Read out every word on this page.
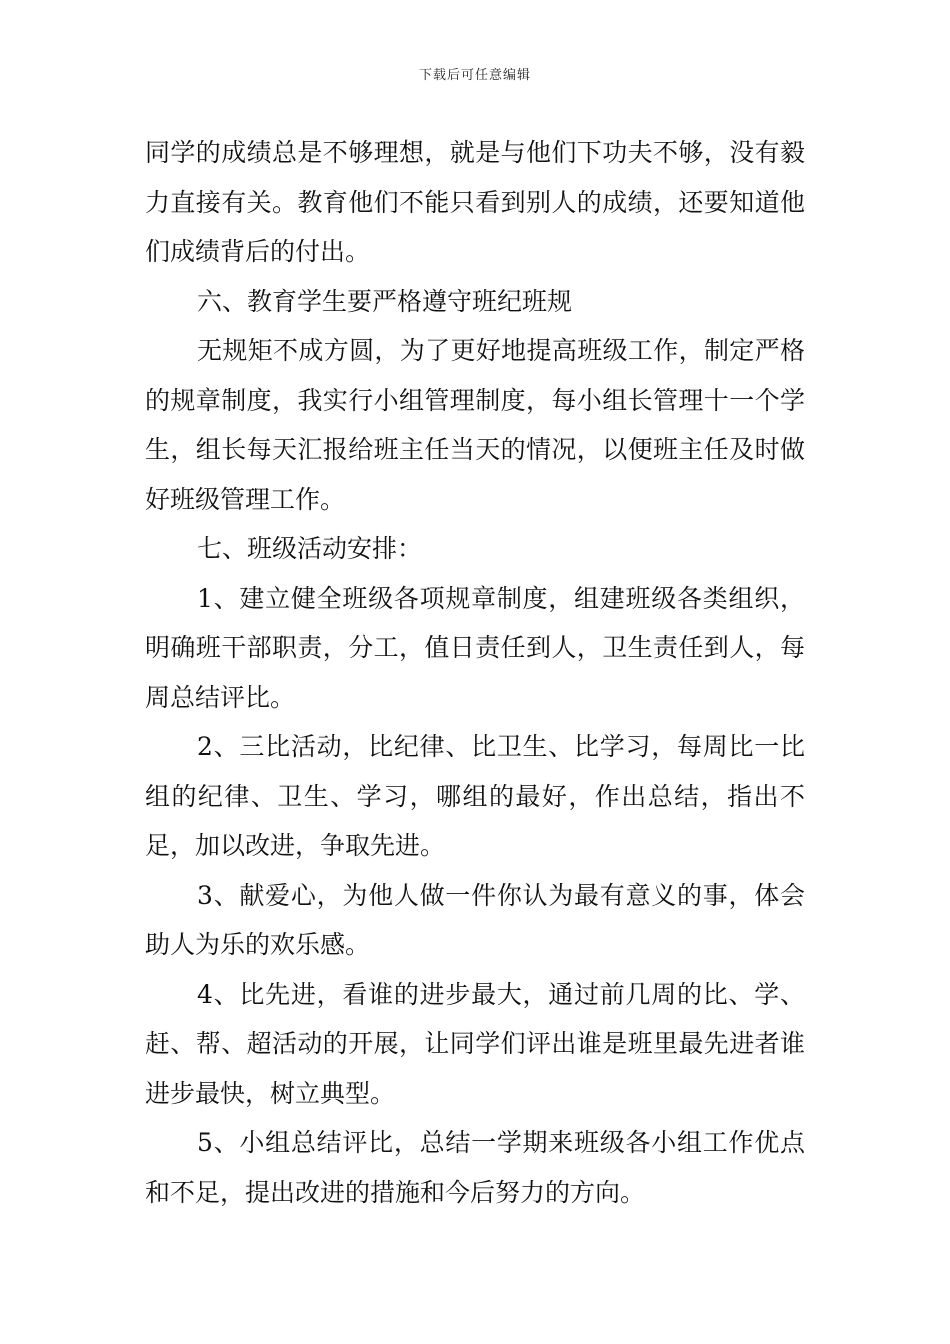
下载后可任意编辑

同学的成绩总是不够理想，就是与他们下功夫不够，没有毅力直接有关。教育他们不能只看到别人的成绩，还要知道他们成绩背后的付出。

六、教育学生要严格遵守班纪班规

无规矩不成方圆，为了更好地提高班级工作，制定严格的规章制度，我实行小组管理制度，每小组长管理十一个学生，组长每天汇报给班主任当天的情况，以便班主任及时做好班级管理工作。

七、班级活动安排：

1、建立健全班级各项规章制度，组建班级各类组织，明确班干部职责，分工，值日责任到人，卫生责任到人，每周总结评比。

2、三比活动，比纪律、比卫生、比学习，每周比一比组的纪律、卫生、学习，哪组的最好，作出总结，指出不足，加以改进，争取先进。

3、献爱心，为他人做一件你认为最有意义的事，体会助人为乐的欢乐感。

4、比先进，看谁的进步最大，通过前几周的比、学、赶、帮、超活动的开展，让同学们评出谁是班里最先进者谁进步最快，树立典型。

5、小组总结评比，总结一学期来班级各小组工作优点和不足，提出改进的措施和今后努力的方向。
